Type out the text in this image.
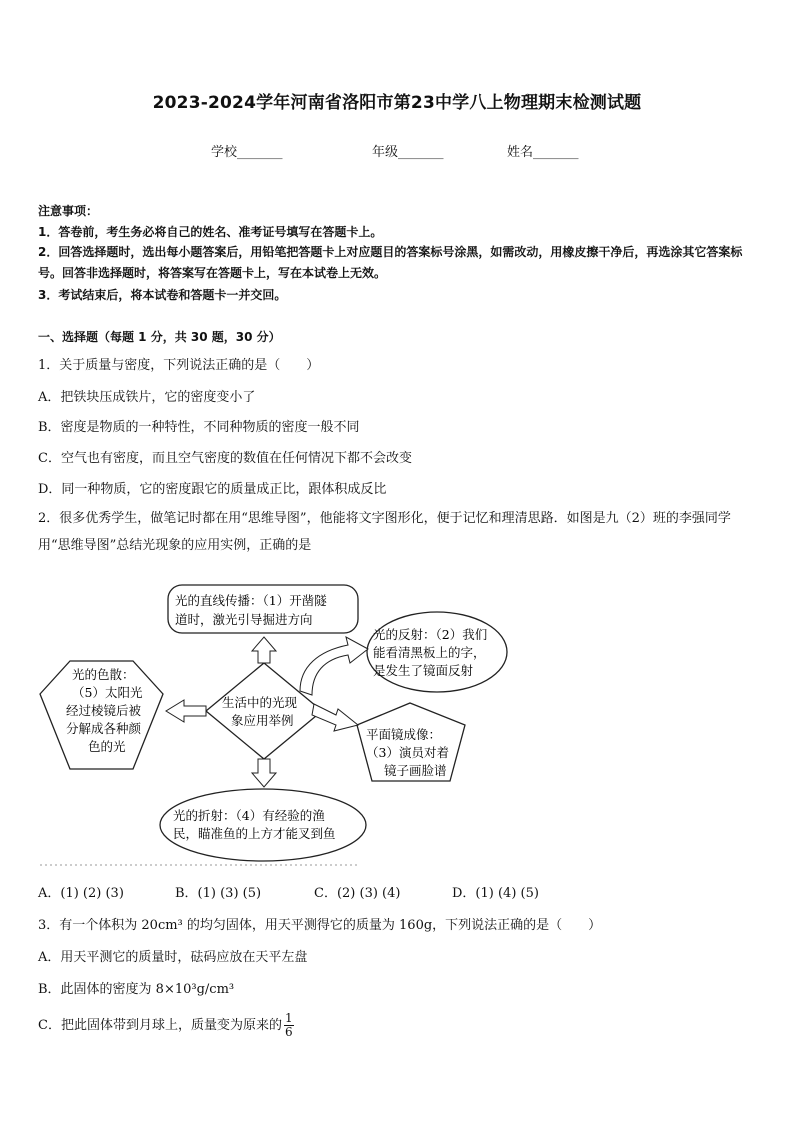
2023-2024学年河南省洛阳市第23中学八上物理期末检测试题
学校_______	年级_______	姓名_______
注意事项：
1．答卷前，考生务必将自己的姓名、准考证号填写在答题卡上。
2．回答选择题时，选出每小题答案后，用铅笔把答题卡上对应题目的答案标号涂黑，如需改动，用橡皮擦干净后，再选涂其它答案标号。回答非选择题时，将答案写在答题卡上，写在本试卷上无效。
3．考试结束后，将本试卷和答题卡一并交回。
一、选择题（每题 1 分，共 30 题，30 分）
1．关于质量与密度，下列说法正确的是（　　）
A．把铁块压成铁片，它的密度变小了
B．密度是物质的一种特性，不同种物质的密度一般不同
C．空气也有密度，而且空气密度的数值在任何情况下都不会改变
D．同一种物质，它的密度跟它的质量成正比，跟体积成反比
2．很多优秀学生，做笔记时都在用“思维导图”，他能将文字图形化，便于记忆和理清思路．如图是九（2）班的李强同学用“思维导图”总结光现象的应用实例，正确的是
光的直线传播：（1）开凿隧
道时，激光引导掘进方向
光的反射：（2）我们
能看清黑板上的字，
是发生了镜面反射
光的色散：
（5）太阳光
经过棱镜后被
分解成各种颜
色的光
生活中的光现
象应用举例
平面镜成像：
（3）演员对着
镜子画脸谱
光的折射：（4）有经验的渔
民，瞄准鱼的上方才能叉到鱼
A．(1) (2) (3)	B．(1) (3) (5)	C．(2) (3) (4)	D．(1) (4) (5)
3．有一个体积为 20cm³ 的均匀固体，用天平测得它的质量为 160g，下列说法正确的是（　　）
A．用天平测它的质量时，砝码应放在天平左盘
B．此固体的密度为 8×10³g/cm³
C．把此固体带到月球上，质量变为原来的 $\frac{1}{6}$
